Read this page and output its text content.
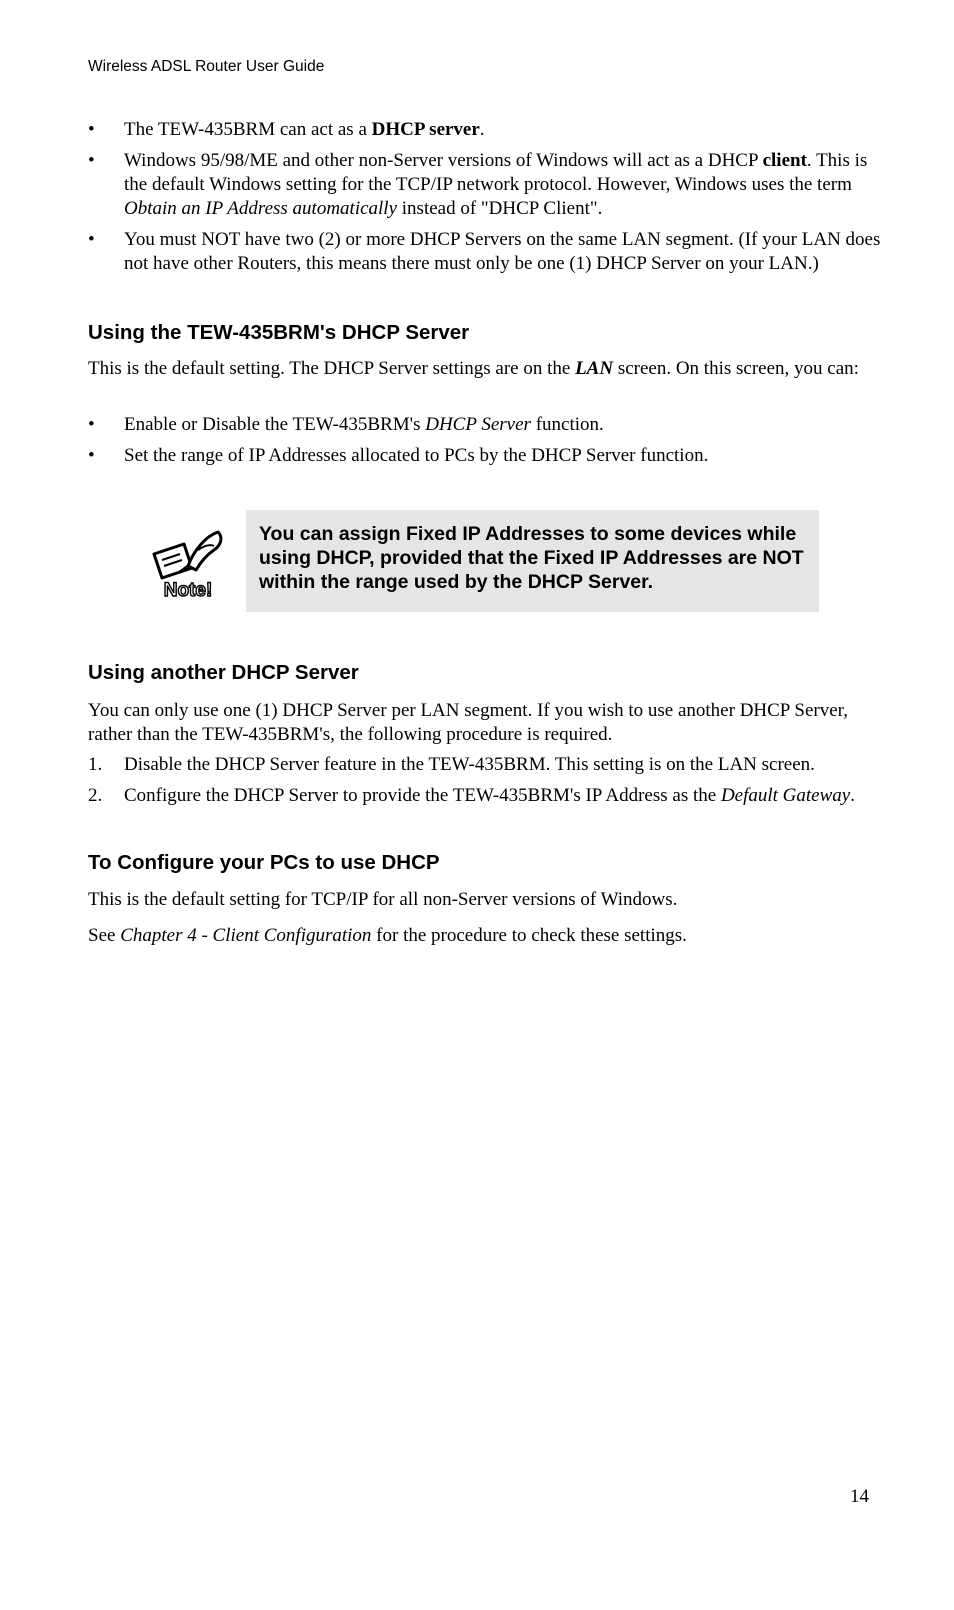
Wireless ADSL Router User Guide
• The TEW-435BRM can act as a DHCP server.
• Windows 95/98/ME and other non-Server versions of Windows will act as a DHCP client. This is the default Windows setting for the TCP/IP network protocol. However, Windows uses the term Obtain an IP Address automatically instead of "DHCP Client".
• You must NOT have two (2) or more DHCP Servers on the same LAN segment. (If your LAN does not have other Routers, this means there must only be one (1) DHCP Server on your LAN.)
Using the TEW-435BRM's DHCP Server

This is the default setting. The DHCP Server settings are on the LAN screen. On this screen, you can:

• Enable or Disable the TEW-435BRM's DHCP Server function.
• Set the range of IP Addresses allocated to PCs by the DHCP Server function.
Note!
You can assign Fixed IP Addresses to some devices while using DHCP, provided that the Fixed IP Addresses are NOT within the range used by the DHCP Server.
Using another DHCP Server

You can only use one (1) DHCP Server per LAN segment. If you wish to use another DHCP Server, rather than the TEW-435BRM's, the following procedure is required.

1. Disable the DHCP Server feature in the TEW-435BRM. This setting is on the LAN screen.
2. Configure the DHCP Server to provide the TEW-435BRM's IP Address as the Default Gateway.
To Configure your PCs to use DHCP

This is the default setting for TCP/IP for all non-Server versions of Windows.

See Chapter 4 - Client Configuration for the procedure to check these settings.

14
